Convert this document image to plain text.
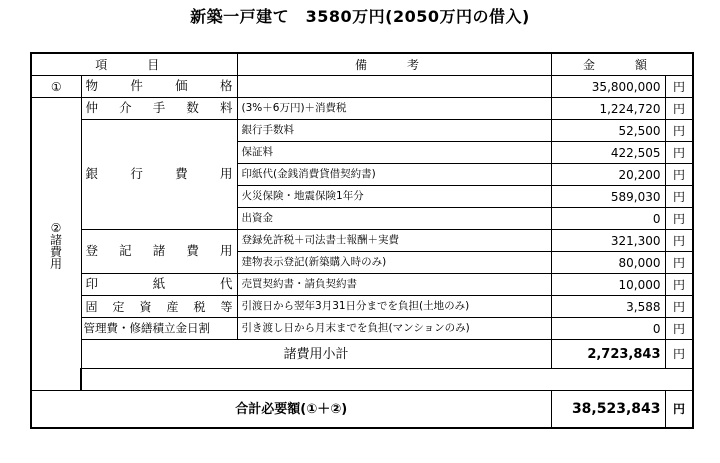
新築一戸建て　3580万円(2050万円の借入)
項　目		備　考	金　額	
①	物　件　価　格		35,800,000	円

②
諸
費
用	仲　介　手　数　料	(3%＋6万円)＋消費税	1,224,720	円
	銀　行　費　用	銀行手数料	52,500	円
		保証料	422,505	円
		印紙代(金銭消費貸借契約書)	20,200	円
		火災保険・地震保険1年分	589,030	円
		出資金	0	円
	登　記　諸　費　用	登録免許税＋司法書士報酬＋実費	321,300	円
		建物表示登記(新築購入時のみ)	80,000	円
	印　紙　代	売買契約書・請負契約書	10,000	円
	固　定　資　産　税　等	引渡日から翌年3月31日分までを負担(土地のみ)	3,588	円
	管理費・修繕積立金日割	引き渡し日から月末までを負担(マンションのみ)	0	円
	諸費用小計		2,723,843	円

合計必要額(①＋②)			38,523,843	円
